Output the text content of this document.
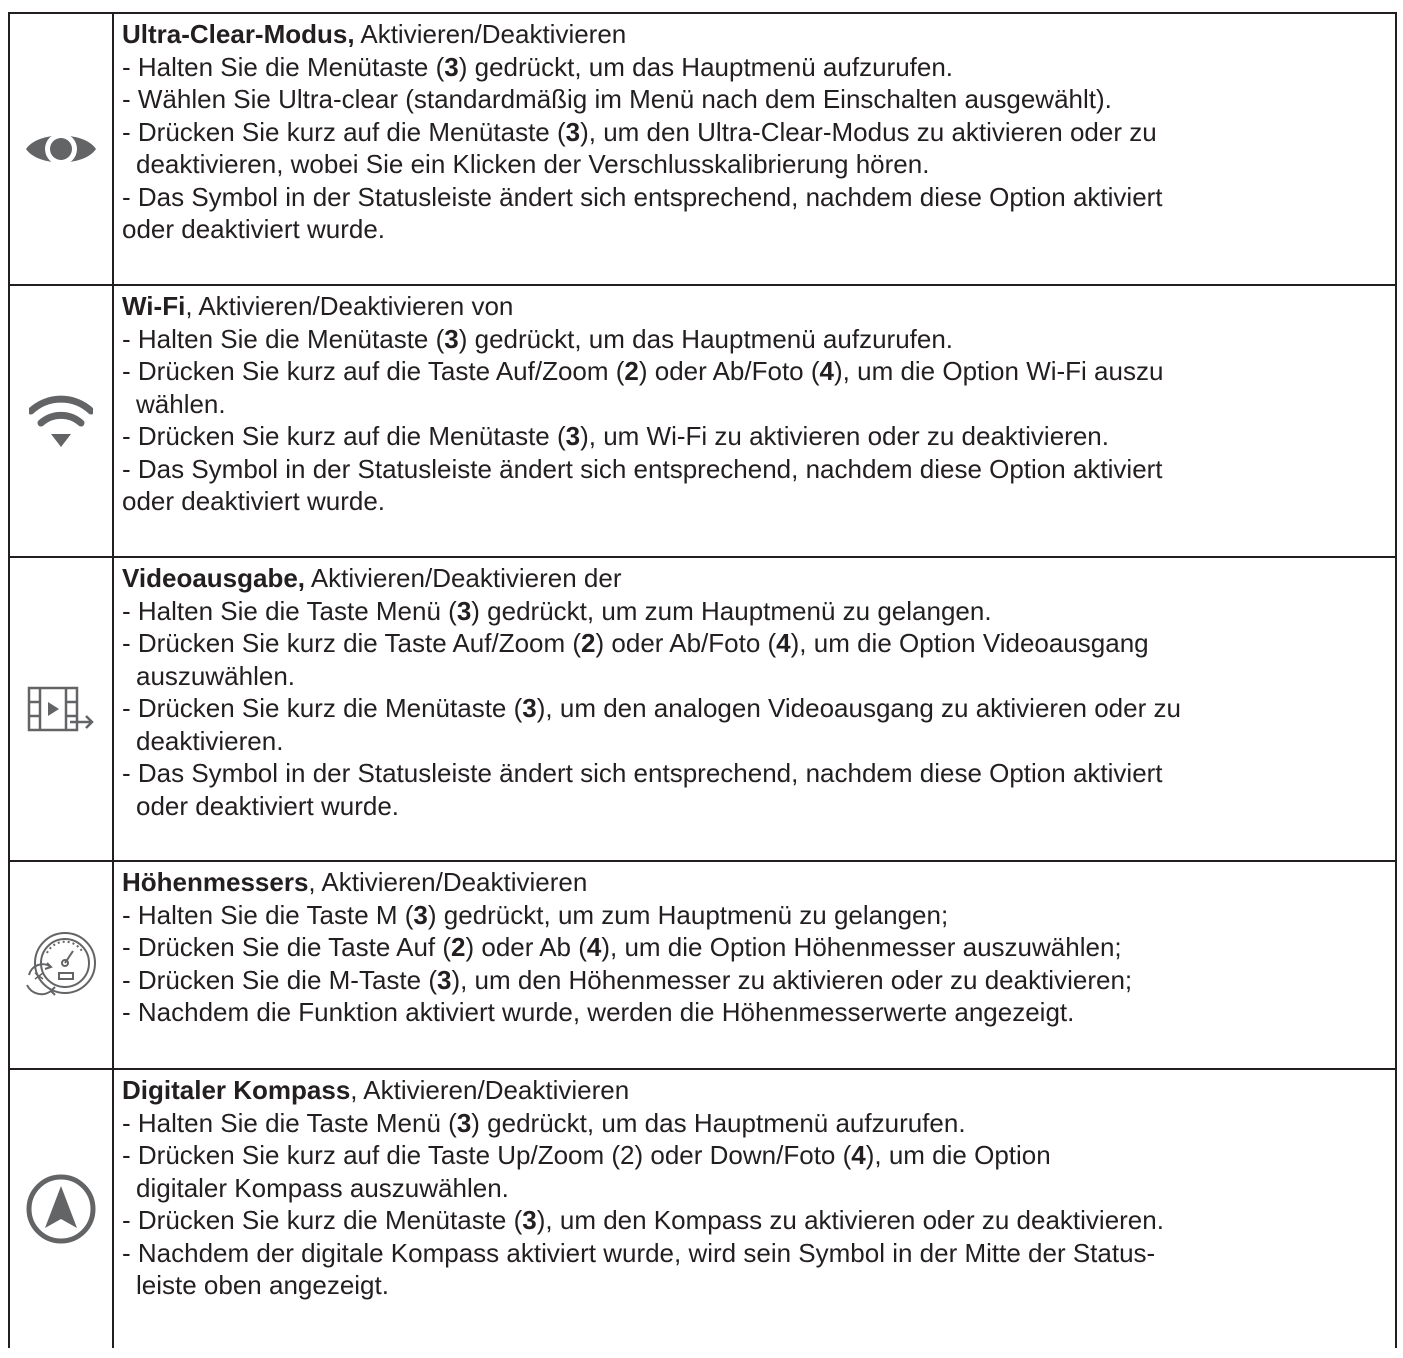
Ultra-Clear-Modus, Aktivieren/Deaktivieren
- Halten Sie die Menütaste (3) gedrückt, um das Hauptmenü aufzurufen.
- Wählen Sie Ultra-clear (standardmäßig im Menü nach dem Einschalten ausgewählt).
- Drücken Sie kurz auf die Menütaste (3), um den Ultra-Clear-Modus zu aktivieren oder zu
deaktivieren, wobei Sie ein Klicken der Verschlusskalibrierung hören.
- Das Symbol in der Statusleiste ändert sich entsprechend, nachdem diese Option aktiviert
oder deaktiviert wurde.
Wi-Fi, Aktivieren/Deaktivieren von
- Halten Sie die Menütaste (3) gedrückt, um das Hauptmenü aufzurufen.
- Drücken Sie kurz auf die Taste Auf/Zoom (2) oder Ab/Foto (4), um die Option Wi-Fi auszu
wählen.
- Drücken Sie kurz auf die Menütaste (3), um Wi-Fi zu aktivieren oder zu deaktivieren.
- Das Symbol in der Statusleiste ändert sich entsprechend, nachdem diese Option aktiviert
oder deaktiviert wurde.
Videoausgabe, Aktivieren/Deaktivieren der
- Halten Sie die Taste Menü (3) gedrückt, um zum Hauptmenü zu gelangen.
- Drücken Sie kurz die Taste Auf/Zoom (2) oder Ab/Foto (4), um die Option Videoausgang
auszuwählen.
- Drücken Sie kurz die Menütaste (3), um den analogen Videoausgang zu aktivieren oder zu
deaktivieren.
- Das Symbol in der Statusleiste ändert sich entsprechend, nachdem diese Option aktiviert
oder deaktiviert wurde.
Höhenmessers, Aktivieren/Deaktivieren
- Halten Sie die Taste M (3) gedrückt, um zum Hauptmenü zu gelangen;
- Drücken Sie die Taste Auf (2) oder Ab (4), um die Option Höhenmesser auszuwählen;
- Drücken Sie die M-Taste (3), um den Höhenmesser zu aktivieren oder zu deaktivieren;
- Nachdem die Funktion aktiviert wurde, werden die Höhenmesserwerte angezeigt.
Digitaler Kompass, Aktivieren/Deaktivieren
- Halten Sie die Taste Menü (3) gedrückt, um das Hauptmenü aufzurufen.
- Drücken Sie kurz auf die Taste Up/Zoom (2) oder Down/Foto (4), um die Option
digitaler Kompass auszuwählen.
- Drücken Sie kurz die Menütaste (3), um den Kompass zu aktivieren oder zu deaktivieren.
- Nachdem der digitale Kompass aktiviert wurde, wird sein Symbol in der Mitte der Status-
leiste oben angezeigt.
